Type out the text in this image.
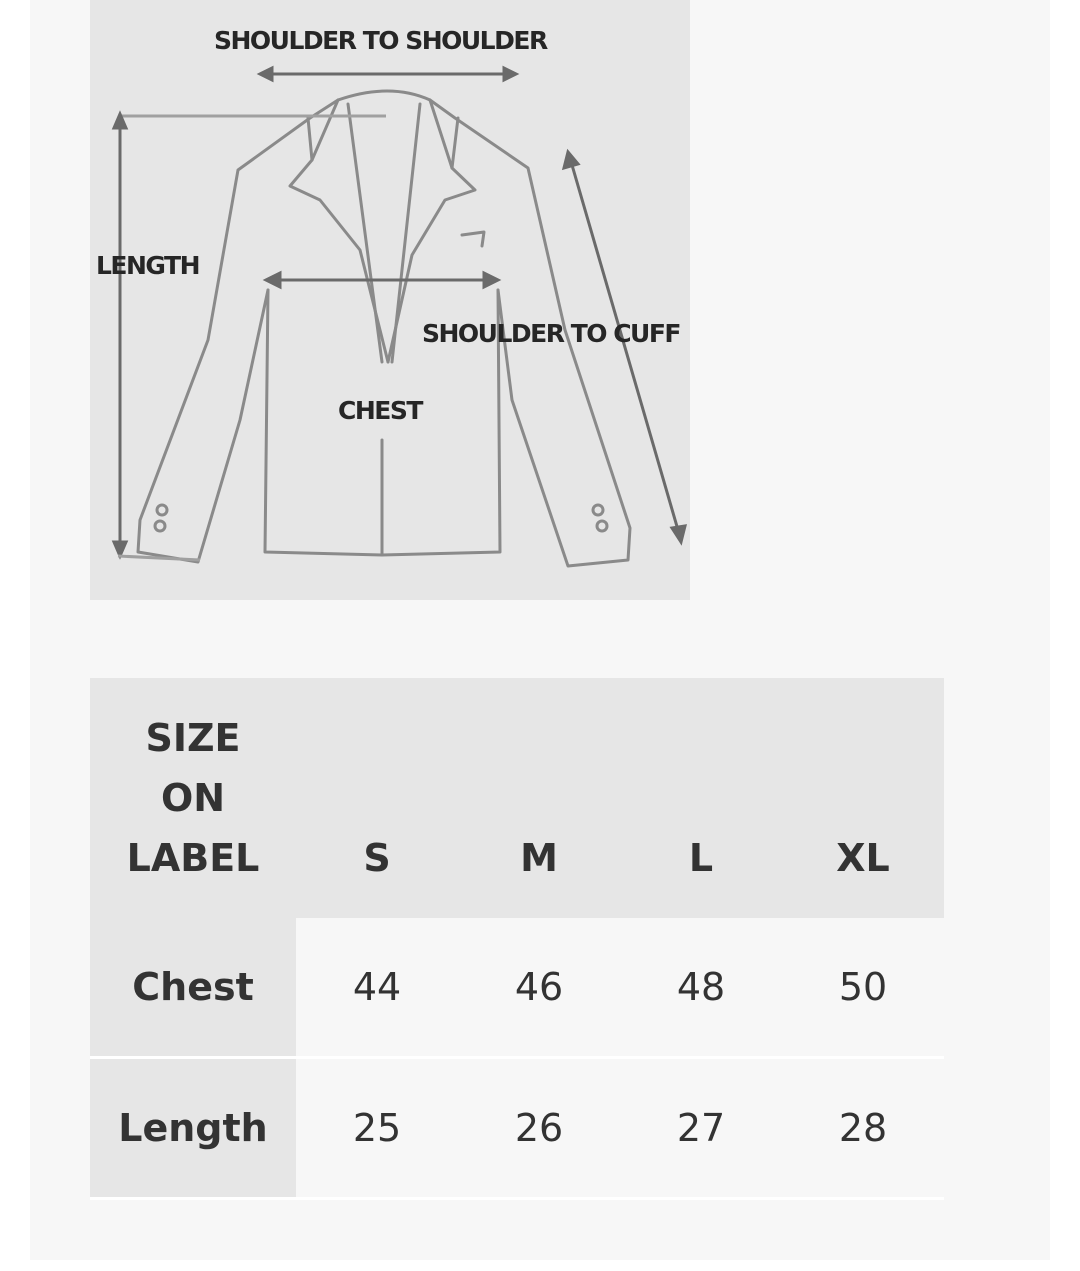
SHOULDER TO SHOULDER
LENGTH
SHOULDER TO CUFF
CHEST
SIZE
ON
LABEL	S	M	L	XL
Chest	44	46	48	50
Length	25	26	27	28
